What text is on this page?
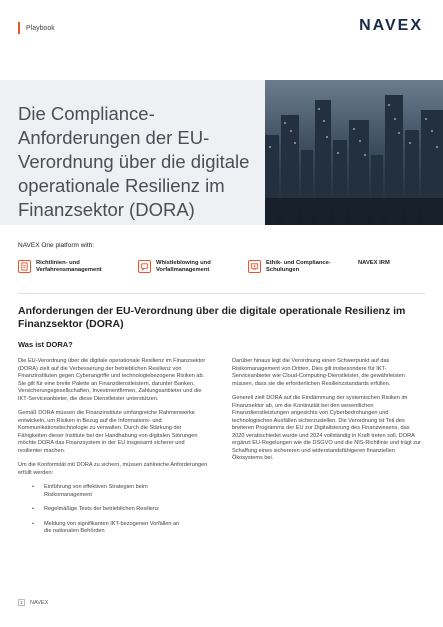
Playbook	NAVEX
Die Compliance-Anforderungen der EU-Verordnung über die digitale operationale Resilienz im Finanzsektor (DORA)
NAVEX One platform with:
Richtlinien- und Verfahrensmanagement
Whistleblowing und Vorfallmanagement
Ethik- und Compliance-Schulungen
NAVEX IRM
Anforderungen der EU-Verordnung über die digitale operationale Resilienz im Finanzsektor (DORA)
Was ist DORA?

Die EU-Verordnung über die digitale operationale Resilienz im Finanzsektor (DORA) zielt auf die Verbesserung der betrieblichen Resilienz von Finanzinstituten gegen Cyberangriffe und technologiebezogene Risiken ab. Sie gilt für eine breite Palette an Finanzdienstleistern, darunter Banken, Versicherungsgesellschaften, Investmentfirmen, Zahlungsanbieter und die IKT-Serviceanbieter, die diese Dienstleister unterstützen.

Gemäß DORA müssen die Finanzinstitute umfangreiche Rahmenwerke entwickeln, um Risiken in Bezug auf die Informations- und Kommunikationstechnologie zu verwalten. Durch die Stärkung der Fähigkeiten dieser Institute bei der Handhabung von digitalen Störungen möchte DORA das Finanzsystem in der EU insgesamt sicherer und resilienter machen.

Um die Konformität mit DORA zu sichern, müssen zahlreiche Anforderungen erfüllt werden:

• Einführung von effektiven Strategien beim Risikomanagement
• Regelmäßige Tests der betrieblichen Resilienz
• Meldung von signifikanten IKT-bezogenen Vorfällen an die nationalen Behörden

Darüber hinaus legt die Verordnung einen Schwerpunkt auf das Risikomanagement von Dritten. Dies gilt insbesondere für IKT-Serviceanbieter wie Cloud-Computing-Dienstleister, die gewährleisten müssen, dass sie die erforderlichen Resilienzstandards erfüllen.

Generell zielt DORA auf die Eindämmung der systemischen Risiken im Finanzsektor ab, um die Kontinuität bei den wesentlichen Finanzdienstleistungen angesichts von Cyberbedrohungen und technologischen Ausfällen sicherzustellen. Die Verordnung ist Teil des breiteren Programms der EU zur Digitalisierung des Finanzwesens, das 2020 verabschiedet wurde und 2024 vollständig in Kraft treten soll. DORA ergänzt EU-Regelungen wie die DSGVO und die NIS-Richtlinie und trägt zur Schaffung eines sichereren und widerstandsfähigeren finanziellen Ökosystems bei.

1	NAVEX
